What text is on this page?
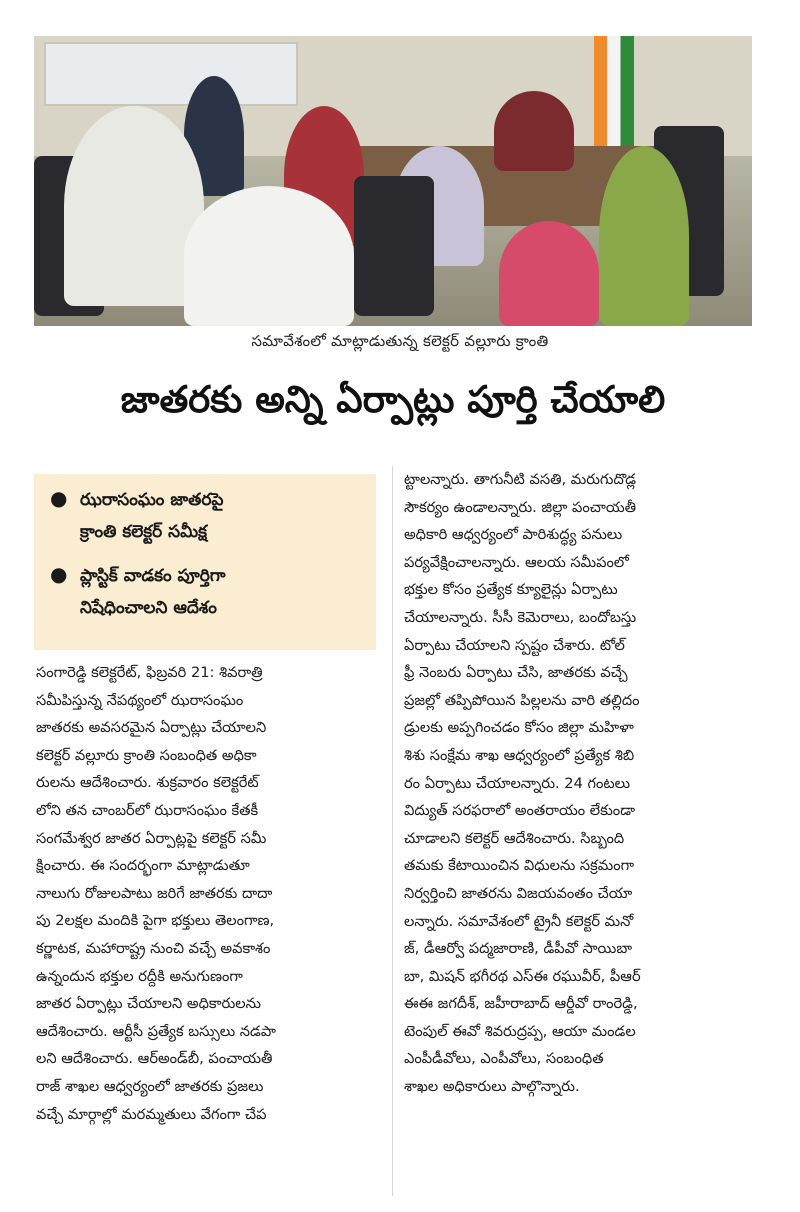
సమావేశంలో మాట్లాడుతున్న కలెక్టర్ వల్లూరు క్రాంతి
జాతరకు అన్ని ఏర్పాట్లు పూర్తి చేయాలి
● ఝరాసంఘం జాతరపై
క్రాంతి కలెక్టర్ సమీక్ష
● ప్లాస్టిక్ వాడకం పూర్తిగా
నిషేధించాలని ఆదేశం
సంగారెడ్డి కలెక్టరేట్, ఫిబ్రవరి 21: శివరాత్రి
సమీపిస్తున్న నేపథ్యంలో ఝరాసంఘం
జాతరకు అవసరమైన ఏర్పాట్లు చేయాలని
కలెక్టర్ వల్లూరు క్రాంతి సంబంధిత అధికా
రులను ఆదేశించారు. శుక్రవారం కలెక్టరేట్
లోని తన చాంబర్‌లో ఝరాసంఘం కేతకీ
సంగమేశ్వర జాతర ఏర్పాట్లపై కలెక్టర్ సమీ
క్షించారు. ఈ సందర్భంగా మాట్లాడుతూ
నాలుగు రోజులపాటు జరిగే జాతరకు దాదా
పు 2లక్షల మందికి పైగా భక్తులు తెలంగాణ,
కర్ణాటక, మహారాష్ట్ర నుంచి వచ్చే అవకాశం
ఉన్నందున భక్తుల రద్దీకి అనుగుణంగా
జాతర ఏర్పాట్లు చేయాలని అధికారులను
ఆదేశించారు. ఆర్టీసీ ప్రత్యేక బస్సులు నడపా
లని ఆదేశించారు. ఆర్అండ్‌బీ, పంచాయతీ
రాజ్ శాఖల ఆధ్వర్యంలో జాతరకు ప్రజలు
వచ్చే మార్గాల్లో మరమ్మతులు వేగంగా చేప
ట్టాలన్నారు. తాగునీటి వసతి, మరుగుదొడ్ల
సౌకర్యం ఉండాలన్నారు. జిల్లా పంచాయతీ
అధికారి ఆధ్వర్యంలో పారిశుద్ధ్య పనులు
పర్యవేక్షించాలన్నారు. ఆలయ సమీపంలో
భక్తుల కోసం ప్రత్యేక క్యూలైన్లు ఏర్పాటు
చేయాలన్నారు. సీసీ కెమెరాలు, బందోబస్తు
ఏర్పాటు చేయాలని స్పష్టం చేశారు. టోల్
ఫ్రీ నెంబరు ఏర్పాటు చేసి, జాతరకు వచ్చే
ప్రజల్లో తప్పిపోయిన పిల్లలను వారి తల్లిదం
డ్రులకు అప్పగించడం కోసం జిల్లా మహిళా
శిశు సంక్షేమ శాఖ ఆధ్వర్యంలో ప్రత్యేక శిబి
రం ఏర్పాటు చేయాలన్నారు. 24 గంటలు
విద్యుత్ సరఫరాలో అంతరాయం లేకుండా
చూడాలని కలెక్టర్ ఆదేశించారు. సిబ్బంది
తమకు కేటాయించిన విధులను సక్రమంగా
నిర్వర్తించి జాతరను విజయవంతం చేయా
లన్నారు. సమావేశంలో ట్రైనీ కలెక్టర్ మనో
జ్, డీఆర్వో పద్మజారాణి, డీపీవో సాయిబా
బా, మిషన్ భగీరథ ఎస్ఈ రఘువీర్, పీఆర్
ఈఈ జగదీశ్, జహీరాబాద్ ఆర్డీవో రాంరెడ్డి,
టెంపుల్ ఈవో శివరుద్రప్ప, ఆయా మండల
ఎంపీడీవోలు, ఎంపీవోలు, సంబంధిత
శాఖల అధికారులు పాల్గొన్నారు.
